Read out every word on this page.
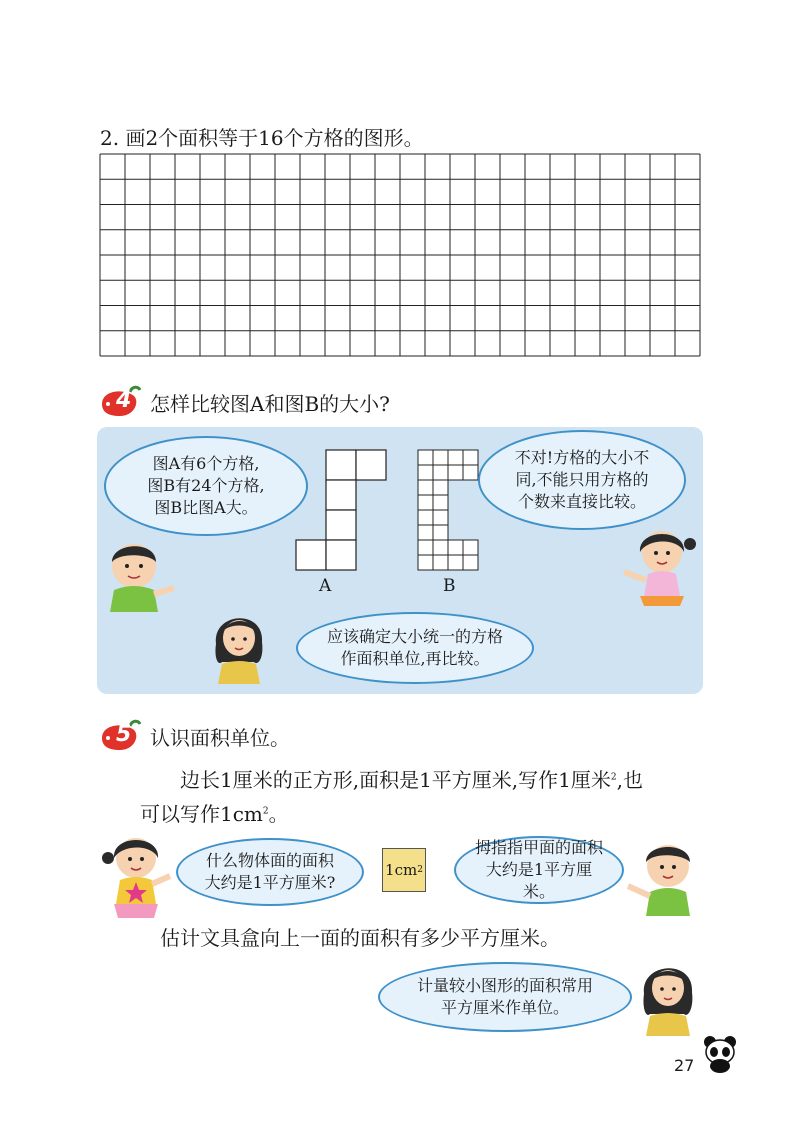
2. 画2个面积等于16个方格的图形。
4 怎样比较图A和图B的大小?
图A有6个方格,
图B有24个方格,
图B比图A大。
A	B
不对!方格的大小不
同,不能只用方格的
个数来直接比较。
应该确定大小统一的方格
作面积单位,再比较。
5 认识面积单位。
边长1厘米的正方形,面积是1平方厘米,写作1厘米$^2$,也
可以写作$1cm^2$。
什么物体面的面积
大约是1平方厘米?
1cm 2
拇指指甲面的面积
大约是1平方厘米。
估计文具盒向上一面的面积有多少平方厘米。
计量较小图形的面积常用
平方厘米作单位。
27
